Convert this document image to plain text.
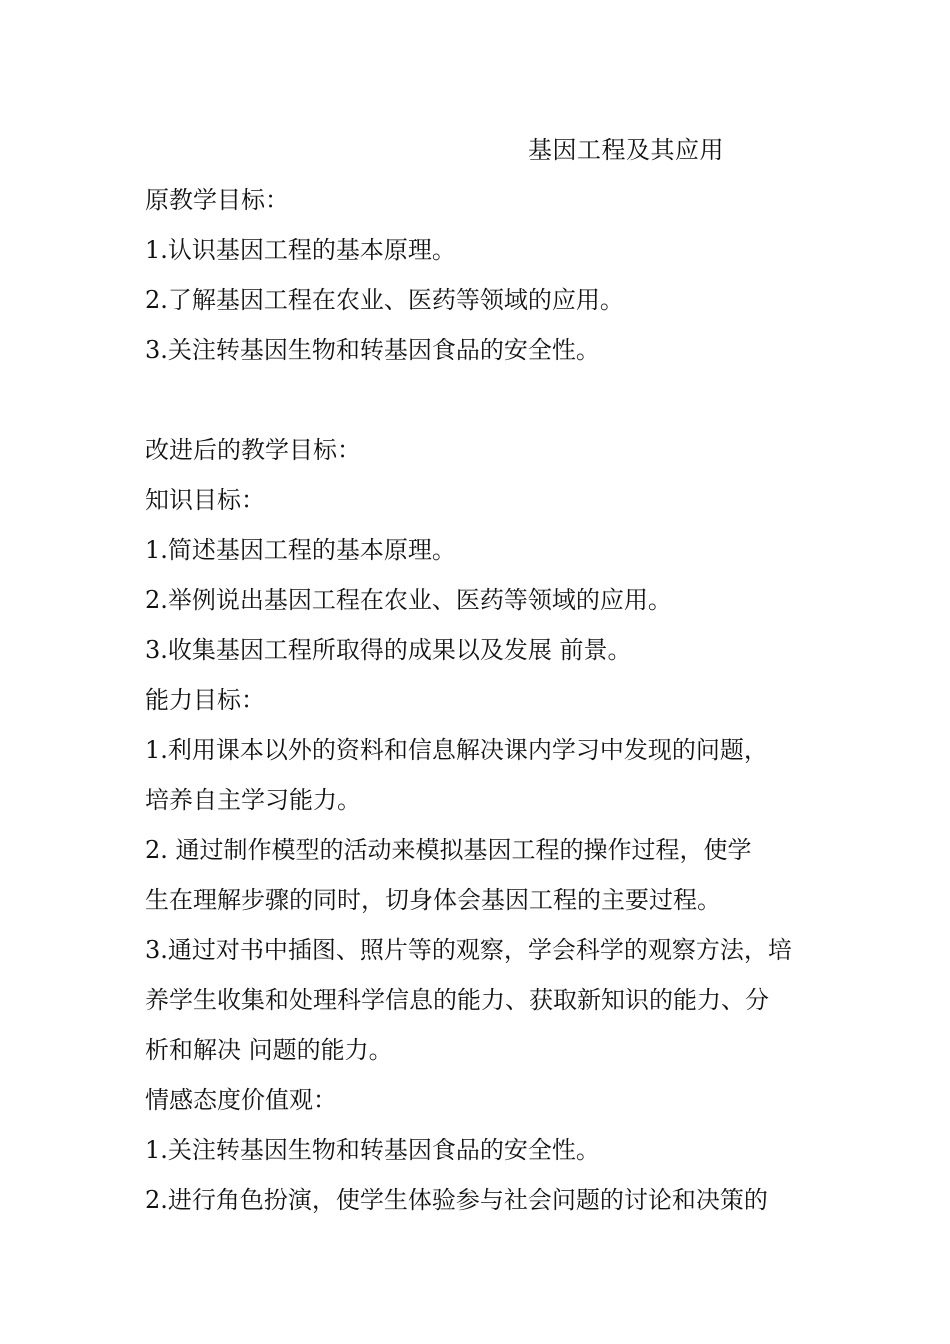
基因工程及其应用
原教学目标：
1.认识基因工程的基本原理。
2.了解基因工程在农业、医药等领域的应用。
3.关注转基因生物和转基因食品的安全性。
改进后的教学目标：
知识目标：
1.简述基因工程的基本原理。
2.举例说出基因工程在农业、医药等领域的应用。
3.收集基因工程所取得的成果以及发展 前景。
能力目标：
1.利用课本以外的资料和信息解决课内学习中发现的问题，
培养自主学习能力。
2. 通过制作模型的活动来模拟基因工程的操作过程，使学
生在理解步骤的同时，切身体会基因工程的主要过程。
3.通过对书中插图、照片等的观察，学会科学的观察方法，培
养学生收集和处理科学信息的能力、获取新知识的能力、分
析和解决 问题的能力。
情感态度价值观：
1.关注转基因生物和转基因食品的安全性。
2.进行角色扮演，使学生体验参与社会问题的讨论和决策的
